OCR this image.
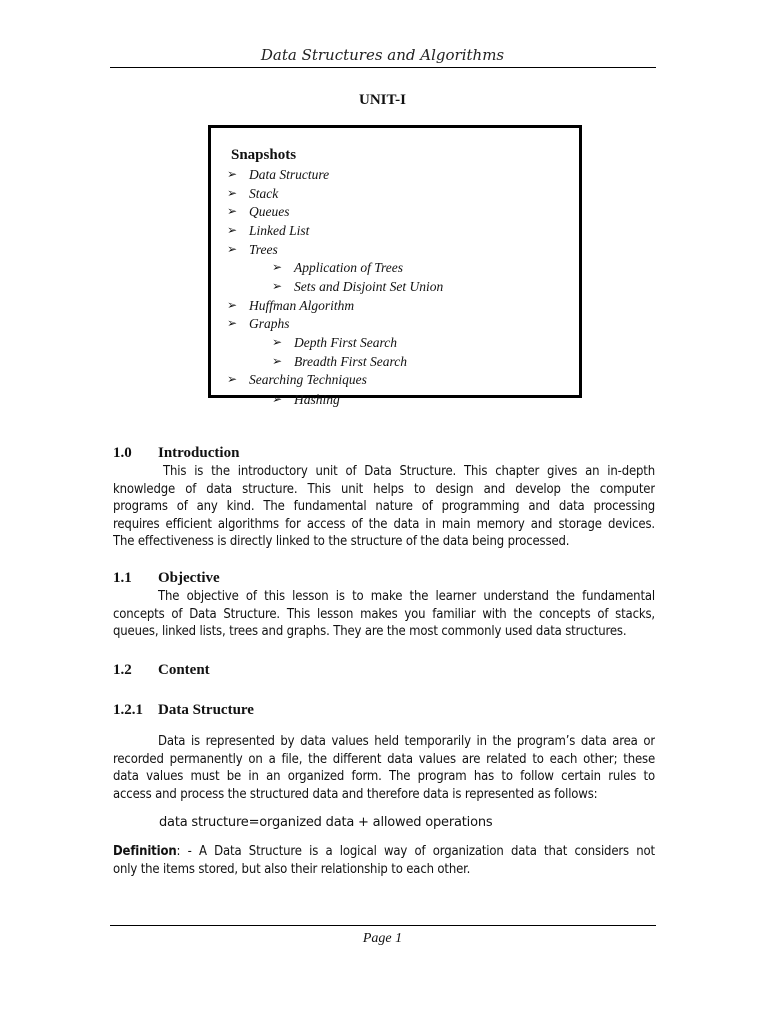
Data Structures and Algorithms
UNIT-I
Snapshots
➢ Data Structure
➢ Stack
➢ Queues
➢ Linked List
➢ Trees
➢ Application of Trees
➢ Sets and Disjoint Set Union
➢ Huffman Algorithm
➢ Graphs
➢ Depth First Search
➢ Breadth First Search
➢ Searching Techniques
➢ Hashing
1.0 Introduction
This is the introductory unit of Data Structure. This chapter gives an in-depth
knowledge of data structure. This unit helps to design and develop the computer
programs of any kind. The fundamental nature of programming and data processing
requires efficient algorithms for access of the data in main memory and storage devices.
The effectiveness is directly linked to the structure of the data being processed.
1.1 Objective
The objective of this lesson is to make the learner understand the fundamental
concepts of Data Structure. This lesson makes you familiar with the concepts of stacks,
queues, linked lists, trees and graphs. They are the most commonly used data structures.
1.2 Content
1.2.1 Data Structure
Data is represented by data values held temporarily in the program’s data area or
recorded permanently on a file, the different data values are related to each other; these
data values must be in an organized form. The program has to follow certain rules to
access and process the structured data and therefore data is represented as follows:
data structure=organized data + allowed operations
Definition: - A Data Structure is a logical way of organization data that considers not
only the items stored, but also their relationship to each other.
Page 1
